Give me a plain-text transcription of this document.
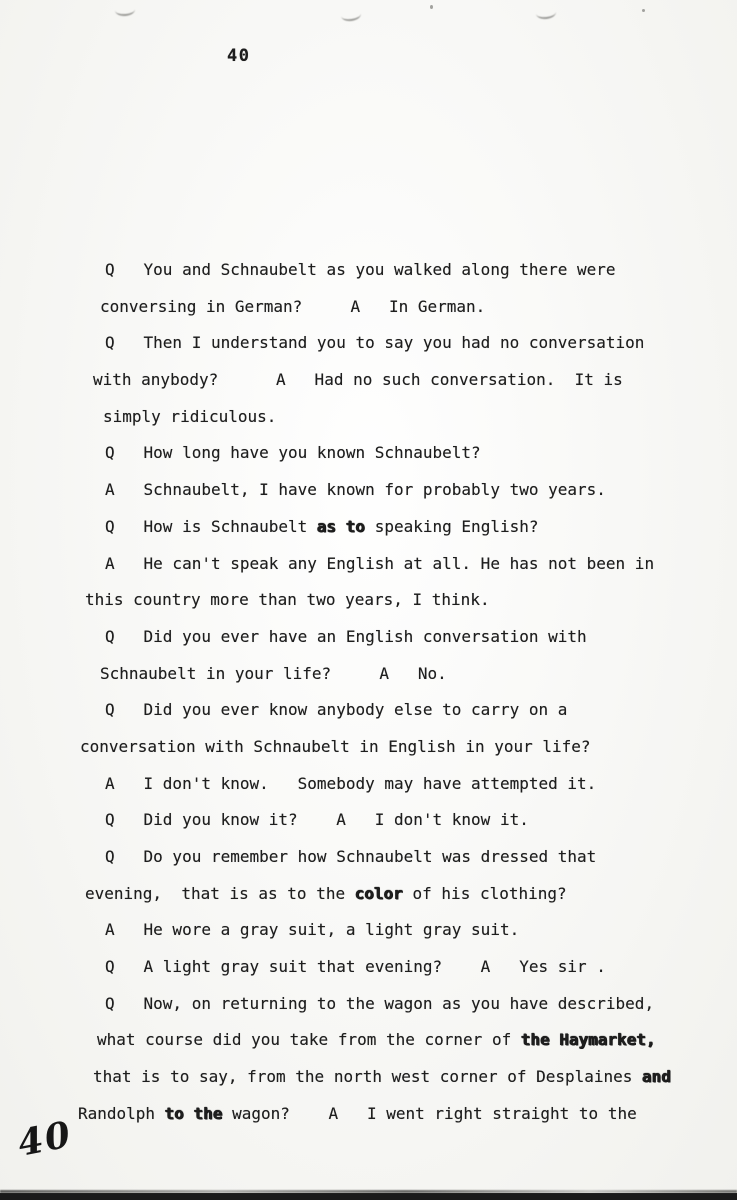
40
Q   You and Schnaubelt as you walked along there were
conversing in German?     A   In German.
Q   Then I understand you to say you had no conversation
with anybody?      A   Had no such conversation.  It is
simply ridiculous.
Q   How long have you known Schnaubelt?
A   Schnaubelt, I have known for probably two years.
Q   How is Schnaubelt as to speaking English?
A   He can't speak any English at all. He has not been in
this country more than two years, I think.
Q   Did you ever have an English conversation with
Schnaubelt in your life?     A   No.
Q   Did you ever know anybody else to carry on a
conversation with Schnaubelt in English in your life?
A   I don't know.   Somebody may have attempted it.
Q   Did you know it?    A   I don't know it.
Q   Do you remember how Schnaubelt was dressed that
evening,  that is as to the color of his clothing?
A   He wore a gray suit, a light gray suit.
Q   A light gray suit that evening?    A   Yes sir .
Q   Now, on returning to the wagon as you have described,
what course did you take from the corner of the Haymarket,
that is to say, from the north west corner of Desplaines and
Randolph to the wagon?    A   I went right straight to the
40
